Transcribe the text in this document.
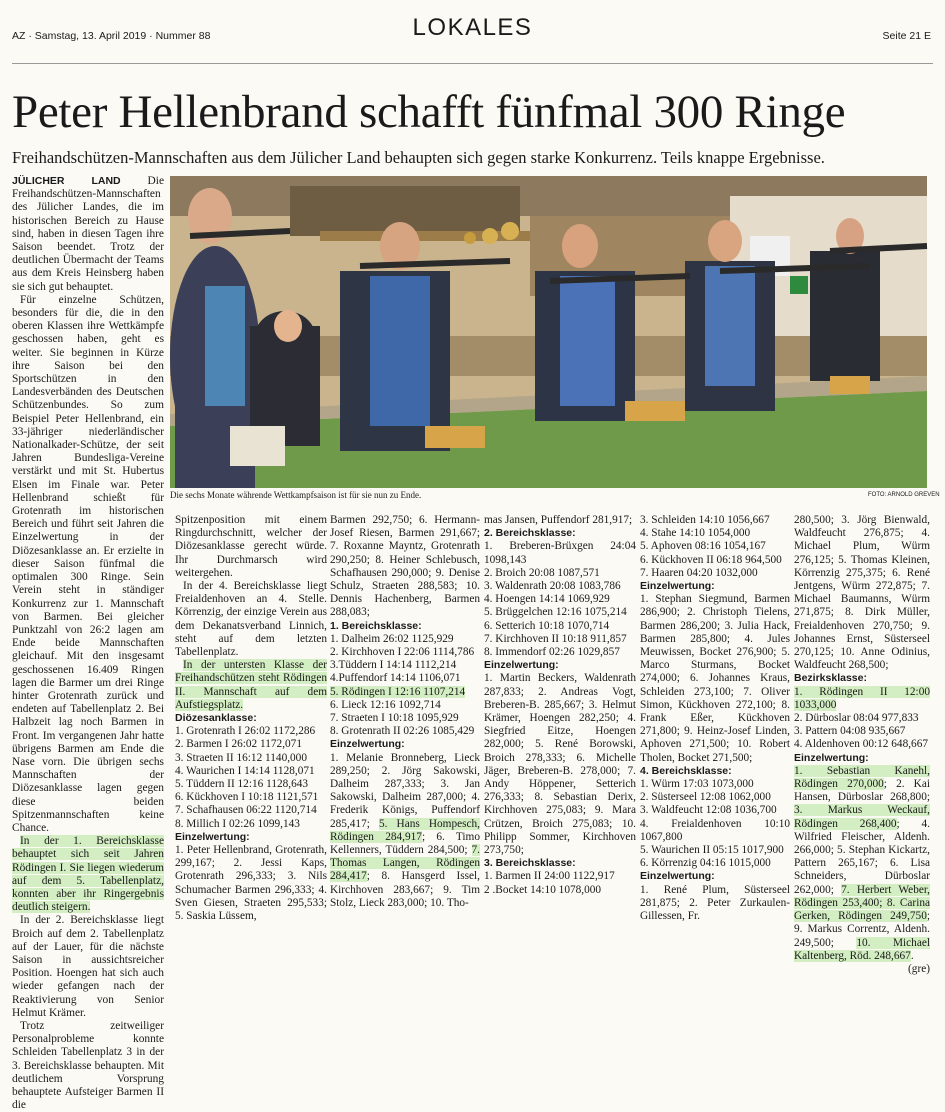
AZ · Samstag, 13. April 2019 · Nummer 88	LOKALES	Seite 21 E
Peter Hellenbrand schafft fünfmal 300 Ringe
Freihandschützen-Mannschaften aus dem Jülicher Land behaupten sich gegen starke Konkurrenz. Teils knappe Ergebnisse.

JÜLICHER LAND Die Freihandschützen-Mannschaften des Jülicher Landes, die im historischen Bereich zu Hause sind, haben in diesen Tagen ihre Saison beendet. Trotz der deutlichen Übermacht der Teams aus dem Kreis Heinsberg haben sie sich gut behauptet.

Für einzelne Schützen, besonders für die, die in den oberen Klassen ihre Wettkämpfe geschossen haben, geht es weiter. Sie beginnen in Kürze ihre Saison bei den Sportschützen in den Landesverbänden des Deutschen Schützenbundes. So zum Beispiel Peter Hellenbrand, ein 33-jähriger niederländischer Nationalkader-Schütze, der seit Jahren Bundesliga-Vereine verstärkt und mit St. Hubertus Elsen im Finale war. Peter Hellenbrand schießt für Grotenrath im historischen Bereich und führt seit Jahren die Einzelwertung in der Diözesanklasse an. Er erzielte in dieser Saison fünfmal die optimalen 300 Ringe. Sein Verein steht in ständiger Konkurrenz zur 1. Mannschaft von Barmen. Bei gleicher Punktzahl von 26:2 lagen am Ende beide Mannschaften gleichauf. Mit den insgesamt geschossenen 16.409 Ringen lagen die Barmer um drei Ringe hinter Grotenrath zurück und endeten auf Tabellenplatz 2. Bei Halbzeit lag noch Barmen in Front. Im vergangenen Jahr hatte übrigens Barmen am Ende die Nase vorn. Die übrigen sechs Mannschaften der Diözesanklasse lagen gegen diese beiden Spitzenmannschaften keine Chance.

In der 1. Bereichsklasse behauptet sich seit Jahren Rödingen I. Sie liegen wiederum auf dem 5. Tabellenplatz, konnten aber ihr Ringergebnis deutlich steigern.

In der 2. Bereichsklasse liegt Broich auf dem 2. Tabellenplatz auf der Lauer, für die nächste Saison in aussichtsreicher Position. Hoengen hat sich auch wieder gefangen nach der Reaktivierung von Senior Helmut Krämer.

Trotz zeitweiliger Personalprobleme konnte Schleiden Tabellenplatz 3 in der 3. Bereichsklasse behaupten. Mit deutlichem Vorsprung behauptete Aufsteiger Barmen II die

Die sechs Monate währende Wettkampfsaison ist für sie nun zu Ende.	FOTO: ARNOLD GREVEN

Spitzenposition mit einem Ringdurchschnitt, welcher der Diözesanklasse gerecht würde. Ihr Durchmarsch wird weitergehen.

In der 4. Bereichsklasse liegt Freialdenhoven an 4. Stelle. Körrenzig, der einzige Verein aus dem Dekanatsverband Linnich, steht auf dem letzten Tabellenplatz.

In der untersten Klasse der Freihandschützen steht Rödingen II. Mannschaft auf dem Aufstiegsplatz.

Diözesanklasse:

1. Grotenrath I 26:02 1172,286

2. Barmen I 26:02 1172,071

3. Straeten II 16:12 1140,000

4. Waurichen I 14:14 1128,071

5. Tüddern II 12:16 1128,643

6. Kückhoven I 10:18 1121,571

7. Schafhausen 06:22 1120,714

8. Millich I 02:26 1099,143

Einzelwertung:

1. Peter Hellenbrand, Grotenrath, 299,167; 2. Jessi Kaps, Grotenrath 296,333; 3. Nils Schumacher Barmen 296,333; 4. Sven Giesen, Straeten 295,533; 5. Saskia Lüssem,

Barmen 292,750; 6. Hermann-Josef Riesen, Barmen 291,667; 7. Roxanne Mayntz, Grotenrath 290,250; 8. Heiner Schlebusch, Schafhausen 290,000; 9. Denise Schulz, Straeten 288,583; 10. Dennis Hachenberg, Barmen 288,083;

1. Bereichsklasse:

1. Dalheim 26:02 1125,929

2. Kirchhoven I 22:06 1114,786

3.Tüddern I 14:14 1112,214

4.Puffendorf 14:14 1106,071

5. Rödingen I 12:16 1107,214

6. Lieck 12:16 1092,714

7. Straeten I 10:18 1095,929

8. Grotenrath II 02:26 1085,429

Einzelwertung:

1. Melanie Bronneberg, Lieck 289,250; 2. Jörg Sakowski, Dalheim 287,333; 3. Jan Sakowski, Dalheim 287,000; 4. Frederik Königs, Puffendorf 285,417; 5. Hans Hompesch, Rödingen 284,917; 6. Timo Kellenners, Tüddern 284,500; 7. Thomas Langen, Rödingen 284,417; 8. Hansgerd Issel, Kirchhoven 283,667; 9. Tim Stolz, Lieck 283,000; 10. Tho-

mas Jansen, Puffendorf 281,917;

2. Bereichsklasse:

1. Breberen-Brüxgen 24:04 1098,143

2. Broich 20:08 1087,571

3. Waldenrath 20:08 1083,786

4. Hoengen 14:14 1069,929

5. Brüggelchen 12:16 1075,214

6. Setterich 10:18 1070,714

7. Kirchhoven II 10:18 911,857

8. Immendorf 02:26 1029,857

Einzelwertung:

1. Martin Beckers, Waldenrath 287,833; 2. Andreas Vogt, Breberen-B. 285,667; 3. Helmut Krämer, Hoengen 282,250; 4. Siegfried Eitze, Hoengen 282,000; 5. René Borowski, Broich 278,333; 6. Michelle Jäger, Breberen-B. 278,000; 7. Andy Höppener, Setterich 276,333; 8. Sebastian Derix, Kirchhoven 275,083; 9. Mara Crützen, Broich 275,083; 10. Philipp Sommer, Kirchhoven 273,750;

3. Bereichsklasse:

1. Barmen II 24:00 1122,917

2 .Bocket 14:10 1078,000

3. Schleiden 14:10 1056,667

4. Stahe 14:10 1054,000

5. Aphoven 08:16 1054,167

6. Kückhoven II 06:18 964,500

7. Haaren 04:20 1032,000

Einzelwertung:

1. Stephan Siegmund, Barmen 286,900; 2. Christoph Tielens, Barmen 286,200; 3. Julia Hack, Barmen 285,800; 4. Jules Meuwissen, Bocket 276,900; 5. Marco Sturmans, Bocket 274,000; 6. Johannes Kraus, Schleiden 273,100; 7. Oliver Simon, Kückhoven 272,100; 8. Frank Eßer, Kückhoven 271,800; 9. Heinz-Josef Linden, Aphoven 271,500; 10. Robert Tholen, Bocket 271,500;

4. Bereichsklasse:

1. Würm 17:03 1073,000

2. Süsterseel 12:08 1062,000

3. Waldfeucht 12:08 1036,700

4. Freialdenhoven 10:10 1067,800

5. Waurichen II 05:15 1017,900

6. Körrenzig 04:16 1015,000

Einzelwertung:

1. René Plum, Süsterseel 281,875; 2. Peter Zurkaulen-Gillessen, Fr.

280,500; 3. Jörg Bienwald, Waldfeucht 276,875; 4. Michael Plum, Würm 276,125; 5. Thomas Kleinen, Körrenzig 275,375; 6. René Jentgens, Würm 272,875; 7. Michael Baumanns, Würm 271,875; 8. Dirk Müller, Freialdenhoven 270,750; 9. Johannes Ernst, Süsterseel 270,125; 10. Anne Odinius, Waldfeucht 268,500;

Bezirksklasse:

1. Rödingen II 12:00 1033,000

2. Dürboslar 08:04 977,833

3. Pattern 04:08 935,667

4. Aldenhoven 00:12 648,667

Einzelwertung:

1. Sebastian Kanehl, Rödingen 270,000; 2. Kai Hansen, Dürboslar 268,800; 3. Markus Weckauf, Rödingen 268,400; 4. Wilfried Fleischer, Aldenh. 266,000; 5. Stephan Kickartz, Pattern 265,167; 6. Lisa Schneiders, Dürboslar 262,000; 7. Herbert Weber, Rödingen 253,400; 8. Carina Gerken, Rödingen 249,750; 9. Markus Correntz, Aldenh. 249,500; 10. Michael Kaltenberg, Röd. 248,667.

(gre)
